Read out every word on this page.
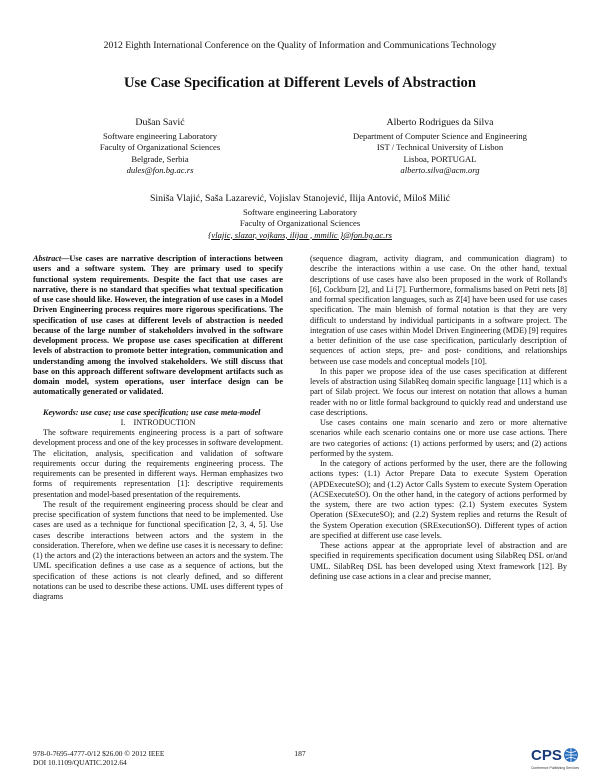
2012 Eighth International Conference on the Quality of Information and Communications Technology
Use Case Specification at Different Levels of Abstraction
Dušan Savić
Software engineering Laboratory
Faculty of Organizational Sciences
Belgrade, Serbia
dules@fon.bg.ac.rs
Alberto Rodrigues da Silva
Department of Computer Science and Engineering
IST / Technical University of Lisbon
Lisboa, PORTUGAL
alberto.silva@acm.org
Siniša Vlajić, Saša Lazarević, Vojislav Stanojević, Ilija Antović, Miloš Milić
Software engineering Laboratory
Faculty of Organizational Sciences
{vlajic, slazar, vojkans, ilijaa , mmilic }@fon.bg.ac.rs

Abstract—Use cases are narrative description of interactions between users and a software system. They are primary used to specify functional system requirements. Despite the fact that use cases are narrative, there is no standard that specifies what textual specification of use case should like. However, the integration of use cases in a Model Driven Engineering process requires more rigorous specifications. The specification of use cases at different levels of abstraction is needed because of the large number of stakeholders involved in the software development process. We propose use cases specification at different levels of abstraction to promote better integration, communication and understanding among the involved stakeholders. We still discuss that base on this approach different software development artifacts such as domain model, system operations, user interface design can be automatically generated or validated.

Keywords: use case; use case specification; use case meta-model

I. INTRODUCTION

The software requirements engineering process is a part of software development process and one of the key processes in software development. The elicitation, analysis, specification and validation of software requirements occur during the requirements engineering process. The requirements can be presented in different ways. Herman emphasizes two forms of requirements representation [1]: descriptive requirements presentation and model-based presentation of the requirements.

The result of the requirement engineering process should be clear and precise specification of system functions that need to be implemented. Use cases are used as a technique for functional specification [2, 3, 4, 5]. Use cases describe interactions between actors and the system in the consideration. Therefore, when we define use cases it is necessary to define: (1) the actors and (2) the interactions between an actors and the system. The UML specification defines a use case as a sequence of actions, but the specification of these actions is not clearly defined, and so different notations can be used to describe these actions. UML uses different types of diagrams

(sequence diagram, activity diagram, and communication diagram) to describe the interactions within a use case. On the other hand, textual descriptions of use cases have also been proposed in the work of Rolland's [6], Cockburn [2], and Li [7]. Furthermore, formalisms based on Petri nets [8] and formal specification languages, such as Z[4] have been used for use cases specification. The main blemish of formal notation is that they are very difficult to understand by individual participants in a software project. The integration of use cases within Model Driven Engineering (MDE) [9] requires a better definition of the use case specification, particularly description of sequences of action steps, pre- and post- conditions, and relationships between use case models and conceptual models [10].

In this paper we propose idea of the use cases specification at different levels of abstraction using SilabReq domain specific language [11] which is a part of Silab project. We focus our interest on notation that allows a human reader with no or little formal background to quickly read and understand use case descriptions.

Use cases contains one main scenario and zero or more alternative scenarios while each scenario contains one or more use case actions. There are two categories of actions: (1) actions performed by users; and (2) actions performed by the system.

In the category of actions performed by the user, there are the following actions types: (1.1) Actor Prepare Data to execute System Operation (APDExecuteSO); and (1.2) Actor Calls System to execute System Operation (ACSExecuteSO). On the other hand, in the category of actions performed by the system, there are two action types: (2.1) System executes System Operation (SExecuteSO); and (2.2) System replies and returns the Result of the System Operation execution (SRExecutionSO). Different types of action are specified at different use case levels.

These actions appear at the appropriate level of abstraction and are specified in requirements specification document using SilabReq DSL or/and UML. SilabReq DSL has been developed using Xtext framework [12]. By defining use case actions in a clear and precise manner,

978-0-7695-4777-0/12 $26.00 © 2012 IEEE
DOI 10.1109/QUATIC.2012.64
187	CPS
Conference Publishing Services
